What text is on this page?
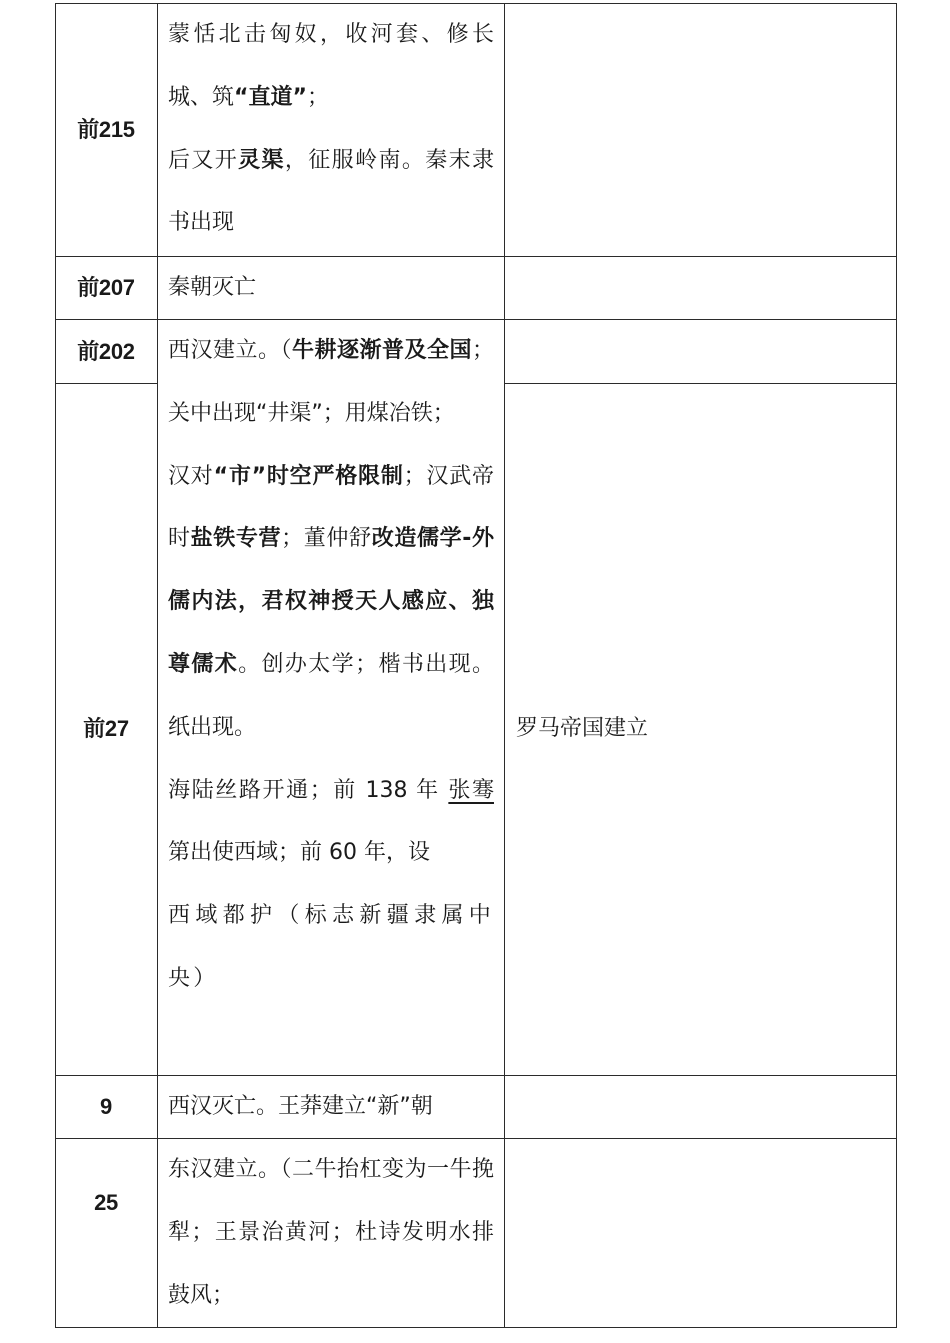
前215
前207
前202
前27
9
25

蒙恬北击匈奴，收河套、修长城、筑“直道”；

后又开灵渠，征服岭南。秦末隶书出现

秦朝灭亡

西汉建立。（牛耕逐渐普及全国；关中出现“井渠”；用煤冶铁；

汉对“市”时空严格限制；汉武帝时盐铁专营；董仲舒改造儒学-外儒内法，君权神授天人感应、独尊儒术。创办太学；楷书出现。纸出现。

海陆丝路开通；前 138 年 张骞第出使西域；前 60 年，设

西域都护（标志新疆隶属中央）

西汉灭亡。王莽建立“新”朝

东汉建立。（二牛抬杠变为一牛挽犁；王景治黄河；杜诗发明水排鼓风；

罗马帝国建立
